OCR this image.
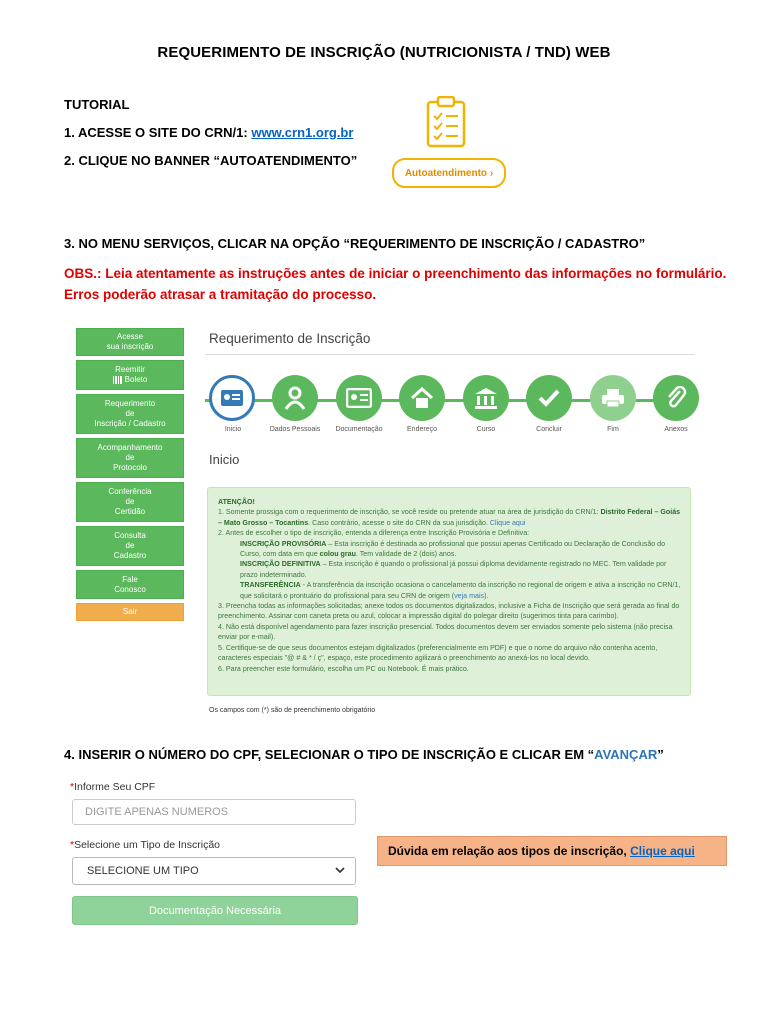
REQUERIMENTO DE INSCRIÇÃO (NUTRICIONISTA / TND) WEB
TUTORIAL
1. ACESSE O SITE DO CRN/1: www.crn1.org.br
2. CLIQUE NO BANNER “AUTOATENDIMENTO”
Autoatendimento ›
3. NO MENU SERVIÇOS, CLICAR NA OPÇÃO “REQUERIMENTO DE INSCRIÇÃO / CADASTRO”
OBS.: Leia atentamente as instruções antes de iniciar o preenchimento das informações no formulário.
Erros poderão atrasar a tramitação do processo.
Acesse
sua inscrição
Reemitir
Boleto
Requerimento
de
Inscrição / Cadastro
Acompanhamento
de
Protocolo
Conferência
de
Certidão
Consulta
de
Cadastro
Fale
Conosco
Sair
Requerimento de Inscrição
Inicio	Dados Pessoais	Documentação	Endereço	Curso	Concluir	Fim	Anexos
Inicio
ATENÇÃO!
1. Somente prossiga com o requerimento de inscrição, se você reside ou pretende atuar na área de jurisdição do CRN/1: Distrito Federal – Goiás – Mato Grosso – Tocantins. Caso contrário, acesse o site do CRN da sua jurisdição. Clique aqui
2. Antes de escolher o tipo de inscrição, entenda a diferença entre Inscrição Provisória e Definitiva:
INSCRIÇÃO PROVISÓRIA – Esta inscrição é destinada ao profissional que possui apenas Certificado ou Declaração de Conclusão do Curso, com data em que colou grau. Tem validade de 2 (dois) anos.
INSCRIÇÃO DEFINITIVA – Esta inscrição é quando o profissional já possui diploma devidamente registrado no MEC. Tem validade por prazo indeterminado.
TRANSFERÊNCIA - A transferência da inscrição ocasiona o cancelamento da inscrição no regional de origem e ativa a inscrição no CRN/1, que solicitará o prontuário do profissional para seu CRN de origem (veja mais).
3. Preencha todas as informações solicitadas; anexe todos os documentos digitalizados, inclusive a Ficha de Inscrição que será gerada ao final do preenchimento. Assinar com caneta preta ou azul, colocar a impressão digital do polegar direito (sugerimos tinta para carimbo).
4. Não está disponível agendamento para fazer inscrição presencial. Todos documentos devem ser enviados somente pelo sistema (não precisa enviar por e-mail).
5. Certifique-se de que seus documentos estejam digitalizados (preferencialmente em PDF) e que o nome do arquivo não contenha acento, caracteres especiais "@ # & * / ç", espaço, este procedimento agilizará o preenchimento ao anexá-los no local devido.
6. Para preencher este formulário, escolha um PC ou Notebook. É mais prático.
Os campos com (*) são de preenchimento obrigatório
4. INSERIR O NÚMERO DO CPF, SELECIONAR O TIPO DE INSCRIÇÃO E CLICAR EM “AVANÇAR”
*Informe Seu CPF
DIGITE APENAS NUMEROS
*Selecione um Tipo de Inscrição
SELECIONE UM TIPO
Documentação Necessária
Dúvida em relação aos tipos de inscrição,
Clique aqui
